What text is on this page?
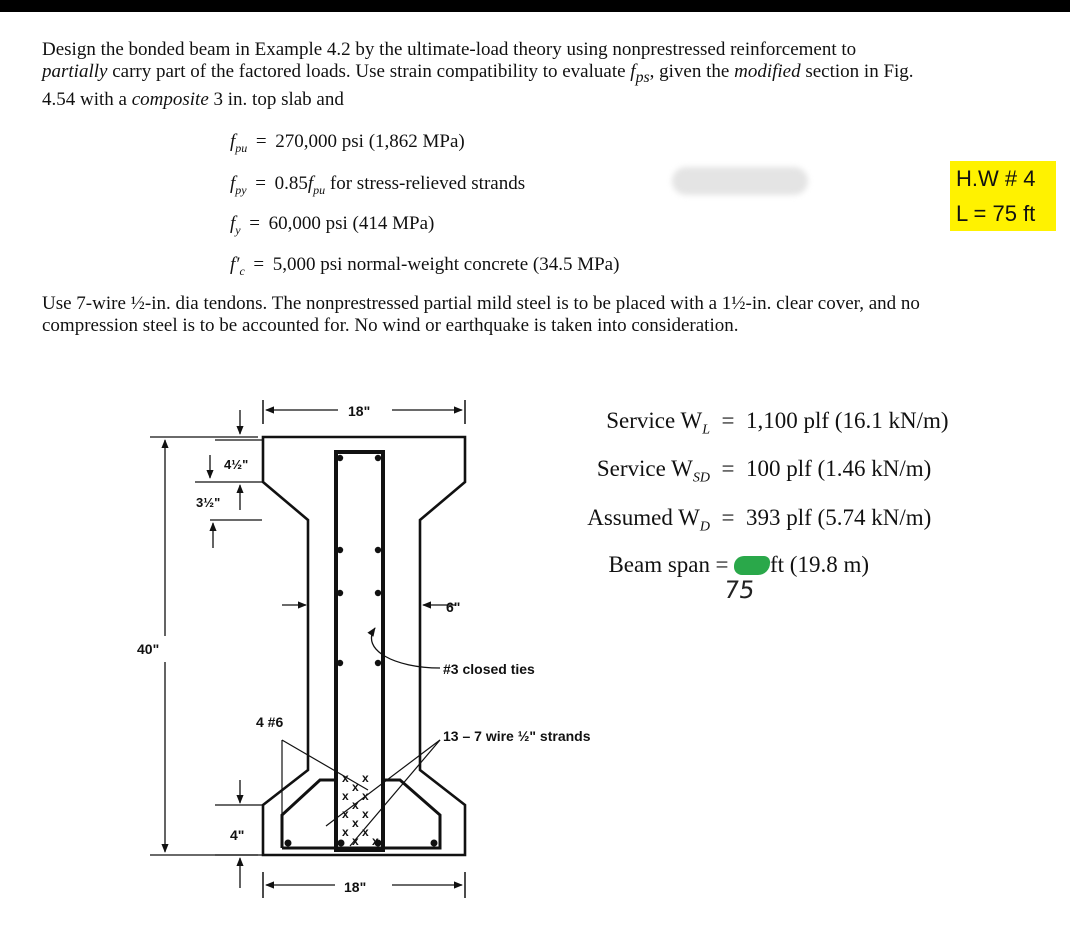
Design the bonded beam in Example 4.2 by the ultimate-load theory using nonprestressed reinforcement to partially carry part of the factored loads. Use strain compatibility to evaluate $f_{ps}$, given the modified section in Fig. 4.54 with a composite 3 in. top slab and

$f_{pu} = 270,000$ psi (1,862 MPa)
$f_{py} = 0.85f_{pu}$ for stress-relieved strands
$f_y = 60,000$ psi (414 MPa)
$f'_c = 5,000$ psi normal-weight concrete (34.5 MPa)
H.W # 4
L = 75 ft

Use 7-wire ½-in. dia tendons. The nonprestressed partial mild steel is to be placed with a 1½-in. clear cover, and no compression steel is to be accounted for. No wind or earthquake is taken into consideration.

Service $W_L = 1,100$ plf (16.1 kN/m)
Service $W_{SD} = 100$ plf (1.46 kN/m)
Assumed $W_D = 393$ plf (5.74 kN/m)
Beam span = ft (19.8 m)
75
x x
x x
x x
x x
x
x
x
x x
18"
18"
40"
4½"
3½"
6"
#3 closed ties
4 #6
13 – 7 wire ½" strands
4"
